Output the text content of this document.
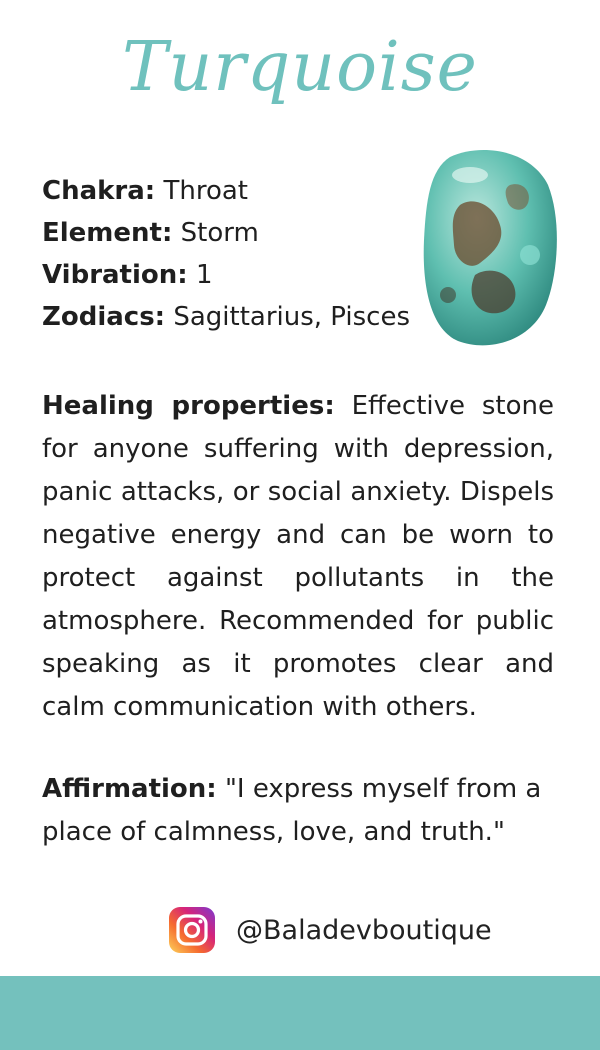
Turquoise
Chakra: Throat
Element: Storm
Vibration: 1
Zodiacs: Sagittarius, Pisces
Healing properties: Effective stone for anyone suffering with depression, panic attacks, or social anxiety. Dispels negative energy and can be worn to protect against pollutants in the atmosphere. Recommended for public speaking as it promotes clear and calm communication with others.
Affirmation: "I express myself from a place of calmness, love, and truth."
@Baladevboutique
